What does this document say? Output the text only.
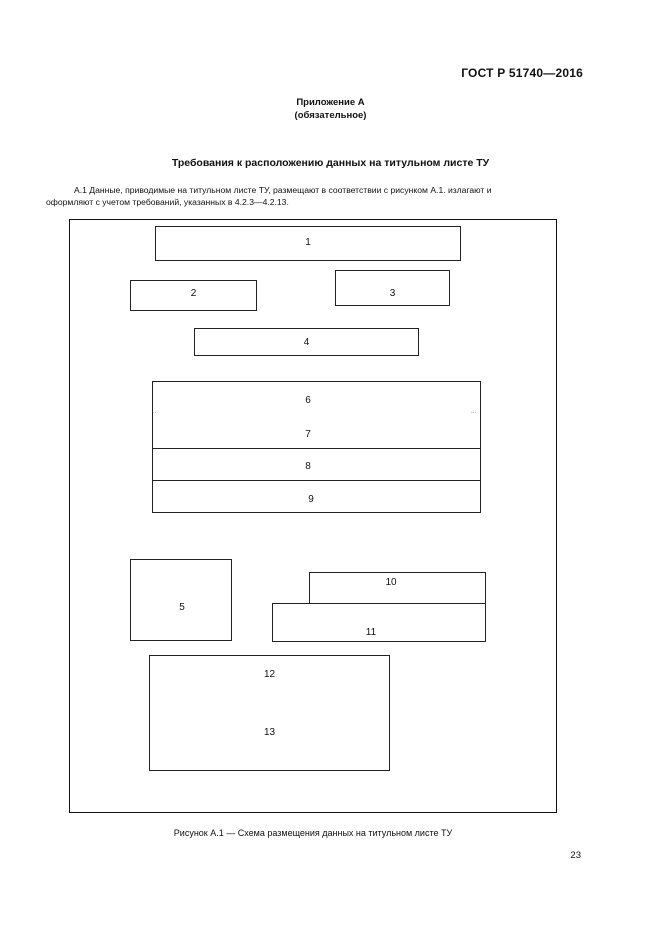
ГОСТ Р 51740—2016
Приложение А
(обязательное)
Требования к расположению данных на титульном листе ТУ

А.1 Данные, приводимые на титульном листе ТУ, размещают в соответствии с рисунком А.1. излагают и

оформляют с учетом требований, указанных в 4.2.3—4.2.13.

1
2	3
4
..	...
6
7
8
9
5
10
11
12
13
Рисунок А.1 — Схема размещения данных на титульном листе ТУ
23
